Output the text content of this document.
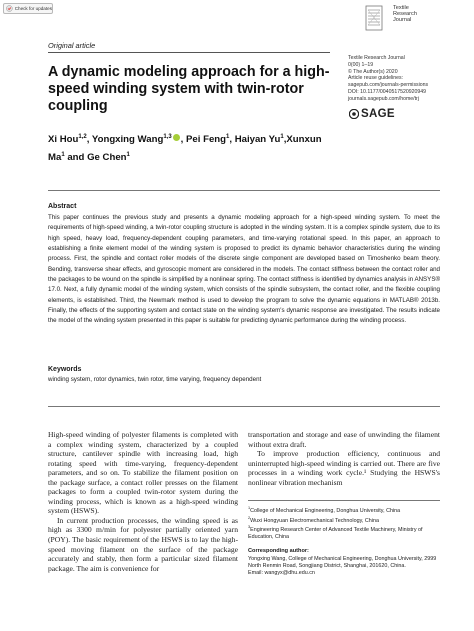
Check for updates	Textile
Research
Journal
Original article
Textile Research Journal
0(00) 1–19
© The Author(s) 2020
Article reuse guidelines:
sagepub.com/journals-permissions
DOI: 10.1177/0040517520920949
journals.sagepub.com/home/trj
SAGE
A dynamic modeling approach for a high-speed winding system with twin-rotor coupling
Xi Hou$^{1,2}$, Yongxing Wang$^{1,3}$ , Pei Feng$^1$, Haiyan Yu$^1$,Xunxun Ma$^1$ and Ge Chen$^1$
Abstract
This paper continues the previous study and presents a dynamic modeling approach for a high-speed winding system. To meet the requirements of high-speed winding, a twin-rotor coupling structure is adopted in the winding system. It is a complex spindle system, due to its high speed, heavy load, frequency-dependent coupling parameters, and time-varying rotational speed. In this paper, an approach to establishing a finite element model of the winding system is proposed to predict its dynamic behavior characteristics during the winding process. First, the spindle and contact roller models of the discrete single component are developed based on Timoshenko beam theory. Bending, transverse shear effects, and gyroscopic moment are considered in the models. The contact stiffness between the contact roller and the packages to be wound on the spindle is simplified by a nonlinear spring. The contact stiffness is identified by dynamics analysis in ANSYS® 17.0. Next, a fully dynamic model of the winding system, which consists of the spindle subsystem, the contact roller, and the flexible coupling elements, is established. Third, the Newmark method is used to develop the program to solve the dynamic equations in MATLAB® 2013b. Finally, the effects of the supporting system and contact state on the winding system's dynamic response are investigated. The results indicate the model of the winding system presented in this paper is suitable for predicting dynamic performance during the winding process.
Keywords
winding system, rotor dynamics, twin rotor, time varying, frequency dependent

High-speed winding of polyester filaments is completed with a complex winding system, characterized by a coupled structure, cantilever spindle with increasing load, high rotating speed with time-varying, frequency-dependent parameters, and so on. To stabilize the filament position on the package surface, a contact roller presses on the filament packages to form a coupled twin-rotor system during the winding process, which is known as a high-speed winding system (HSWS).

In current production processes, the winding speed is as high as 3300 m/min for polyester partially oriented yarn (POY). The basic requirement of the HSWS is to lay the high-speed moving filament on the surface of the package accurately and stably, then form a particular sized filament package. The aim is convenience for

transportation and storage and ease of unwinding the filament without extra draft.

To improve production efficiency, continuous and uninterrupted high-speed winding is carried out. There are five processes in a winding work cycle.¹ Studying the HSWS's nonlinear vibration mechanism

$^1$College of Mechanical Engineering, Donghua University, China
$^2$Wuxi Hongyuan Electromechanical Technology, China
$^3$Engineering Research Center of Advanced Textile Machinery, Ministry of Education, China
Corresponding author:
Yongxing Wang, College of Mechanical Engineering, Donghua University, 2999 North Renmin Road, Songjiang District, Shanghai, 201620, China.
Email: wangyx@dhu.edu.cn
